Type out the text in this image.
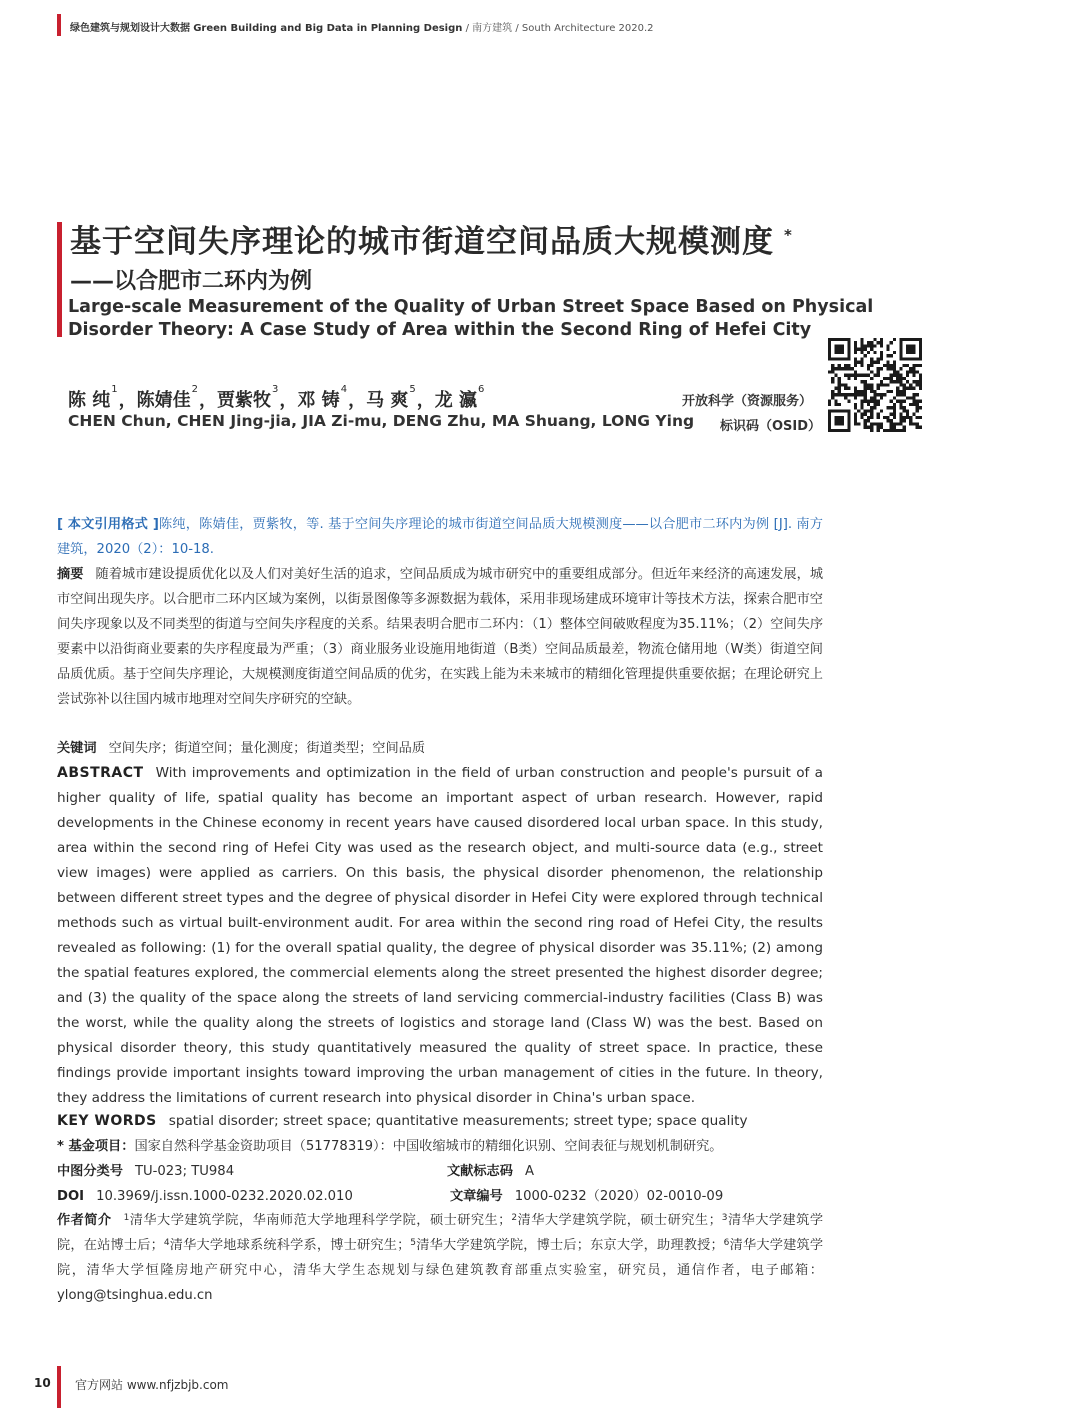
绿色建筑与规划设计大数据 Green Building and Big Data in Planning Design / 南方建筑 / South Architecture 2020.2
基于空间失序理论的城市街道空间品质大规模测度 *
——以合肥市二环内为例
Large-scale Measurement of the Quality of Urban Street Space Based on Physical Disorder Theory: A Case Study of Area within the Second Ring of Hefei City
陈 纯$^1$，陈婧佳$^2$，贾紫牧$^3$，邓 铸$^4$，马 爽$^5$，龙 瀛$^6$
CHEN Chun, CHEN Jing-jia, JIA Zi-mu, DENG Zhu, MA Shuang, LONG Ying
开放科学（资源服务）
标识码（OSID）
[ 本文引用格式 ]陈纯，陈婧佳，贾紫牧，等. 基于空间失序理论的城市街道空间品质大规模测度——以合肥市二环内为例 [J]. 南方建筑，2020（2）：10-18.
摘要 随着城市建设提质优化以及人们对美好生活的追求，空间品质成为城市研究中的重要组成部分。但近年来经济的高速发展，城市空间出现失序。以合肥市二环内区域为案例，以街景图像等多源数据为载体，采用非现场建成环境审计等技术方法，探索合肥市空间失序现象以及不同类型的街道与空间失序程度的关系。结果表明合肥市二环内：（1）整体空间破败程度为35.11%；（2）空间失序要素中以沿街商业要素的失序程度最为严重；（3）商业服务业设施用地街道（B类）空间品质最差，物流仓储用地（W类）街道空间品质优质。基于空间失序理论，大规模测度街道空间品质的优劣，在实践上能为未来城市的精细化管理提供重要依据；在理论研究上尝试弥补以往国内城市地理对空间失序研究的空缺。
关键词 空间失序；街道空间；量化测度；街道类型；空间品质
ABSTRACT With improvements and optimization in the field of urban construction and people's pursuit of a higher quality of life, spatial quality has become an important aspect of urban research. However, rapid developments in the Chinese economy in recent years have caused disordered local urban space. In this study, area within the second ring of Hefei City was used as the research object, and multi-source data (e.g., street view images) were applied as carriers. On this basis, the physical disorder phenomenon, the relationship between different street types and the degree of physical disorder in Hefei City were explored through technical methods such as virtual built-environment audit. For area within the second ring road of Hefei City, the results revealed as following: (1) for the overall spatial quality, the degree of physical disorder was 35.11%; (2) among the spatial features explored, the commercial elements along the street presented the highest disorder degree; and (3) the quality of the space along the streets of land servicing commercial-industry facilities (Class B) was the worst, while the quality along the streets of logistics and storage land (Class W) was the best. Based on physical disorder theory, this study quantitatively measured the quality of street space. In practice, these findings provide important insights toward improving the urban management of cities in the future. In theory, they address the limitations of current research into physical disorder in China's urban space.
KEY WORDS spatial disorder; street space; quantitative measurements; street type; space quality
* 基金项目：国家自然科学基金资助项目（51778319）：中国收缩城市的精细化识别、空间表征与规划机制研究。
中图分类号 TU-023; TU984	文献标志码 A
DOI 10.3969/j.issn.1000-0232.2020.02.010	文章编号 1000-0232（2020）02-0010-09
作者简介 $^1$清华大学建筑学院，华南师范大学地理科学学院，硕士研究生；$^2$清华大学建筑学院，硕士研究生；$^3$清华大学建筑学院，在站博士后；$^4$清华大学地球系统科学系，博士研究生；$^5$清华大学建筑学院，博士后；东京大学，助理教授；$^6$清华大学建筑学院，清华大学恒隆房地产研究中心，清华大学生态规划与绿色建筑教育部重点实验室，研究员，通信作者，电子邮箱：ylong@tsinghua.edu.cn
10 官方网站 www.nfjzbjb.com
